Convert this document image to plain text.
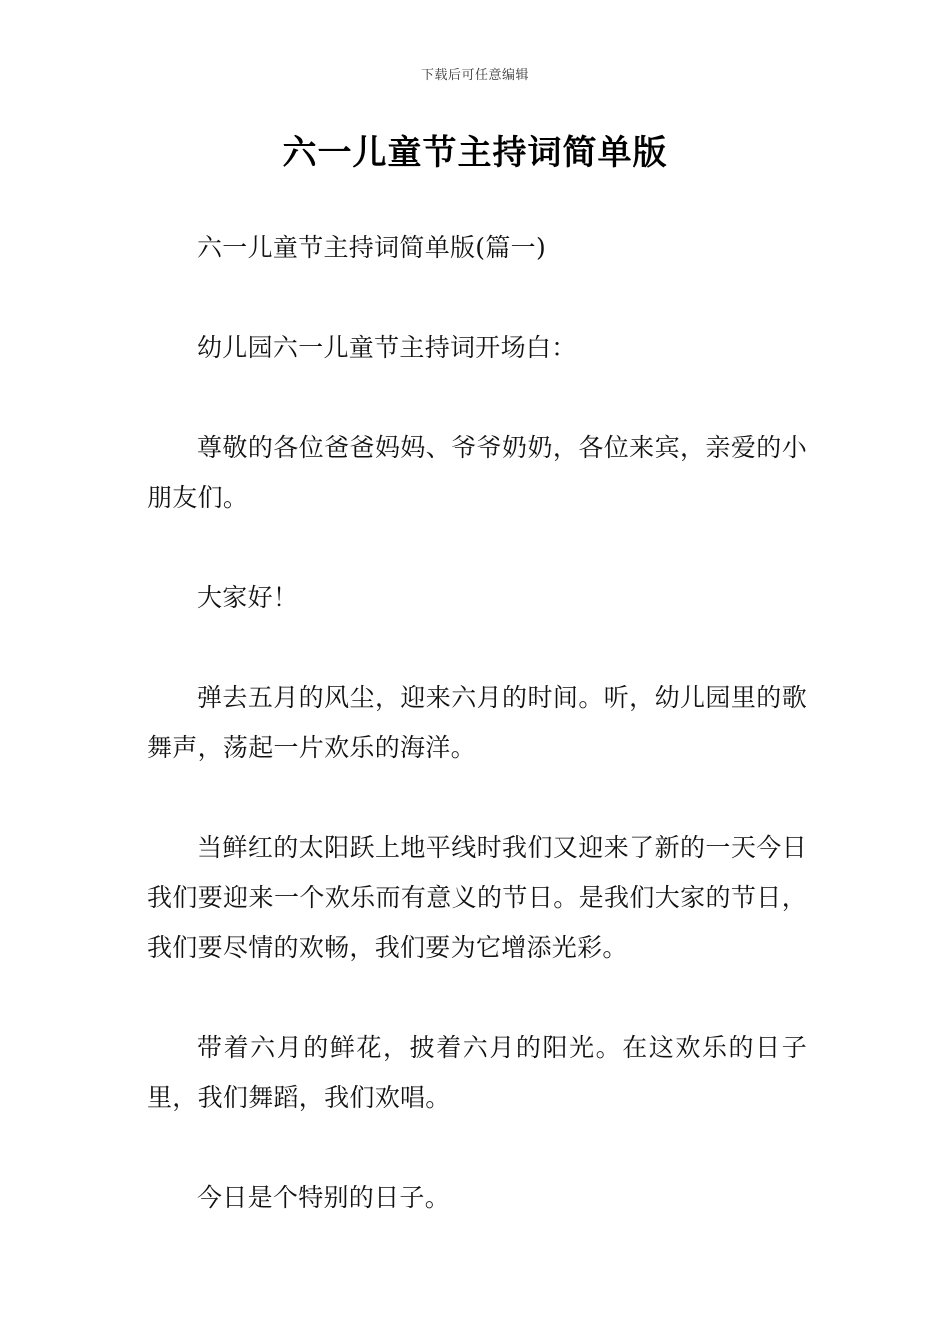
下载后可任意编辑
六一儿童节主持词简单版

六一儿童节主持词简单版(篇一)

幼儿园六一儿童节主持词开场白：

尊敬的各位爸爸妈妈、爷爷奶奶，各位来宾，亲爱的小朋友们。

大家好！

弹去五月的风尘，迎来六月的时间。听，幼儿园里的歌舞声，荡起一片欢乐的海洋。

当鲜红的太阳跃上地平线时我们又迎来了新的一天今日我们要迎来一个欢乐而有意义的节日。是我们大家的节日，我们要尽情的欢畅，我们要为它增添光彩。

带着六月的鲜花，披着六月的阳光。在这欢乐的日子里，我们舞蹈，我们欢唱。

今日是个特别的日子。
